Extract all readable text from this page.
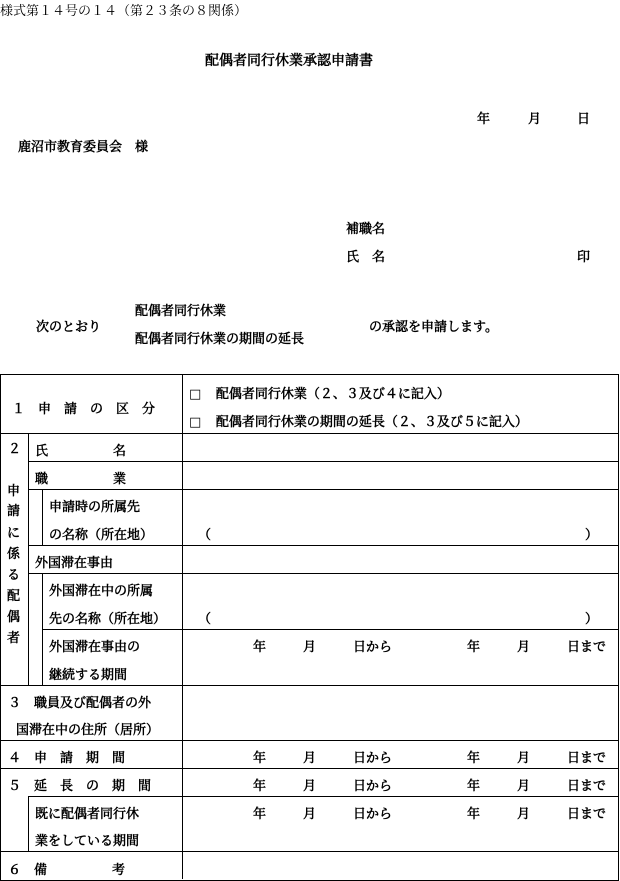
様式第１４号の１４（第２３条の８関係）
配偶者同行休業承認申請書
年	月	日
鹿沼市教育委員会　様
補職名
氏　名	印
次のとおり
配偶者同行休業
配偶者同行休業の期間の延長
の承認を申請します。
１　申　請　の　区　分
□ 配偶者同行休業（２、３及び４に記入）
□ 配偶者同行休業の期間の延長（２、３及び５に記入）
２
申
請
に
係
る
配
偶
者
氏　　　　　名
職　　　　　業
申請時の所属先
の名称（所在地）	（	）
外国滞在事由
外国滞在中の所属
先の名称（所在地） （	）
外国滞在事由の
継続する期間
年	月	日から	年	月	日まで
３　職員及び配偶者の外
国滞在中の住所（居所）
４　申　請　期　間	年	月	日から	年	月	日まで
５　延　長　の　期　間	年	月	日から	年	月	日まで
既に配偶者同行休
業をしている期間
年	月	日から	年	月	日まで
６　備　　　　　考
